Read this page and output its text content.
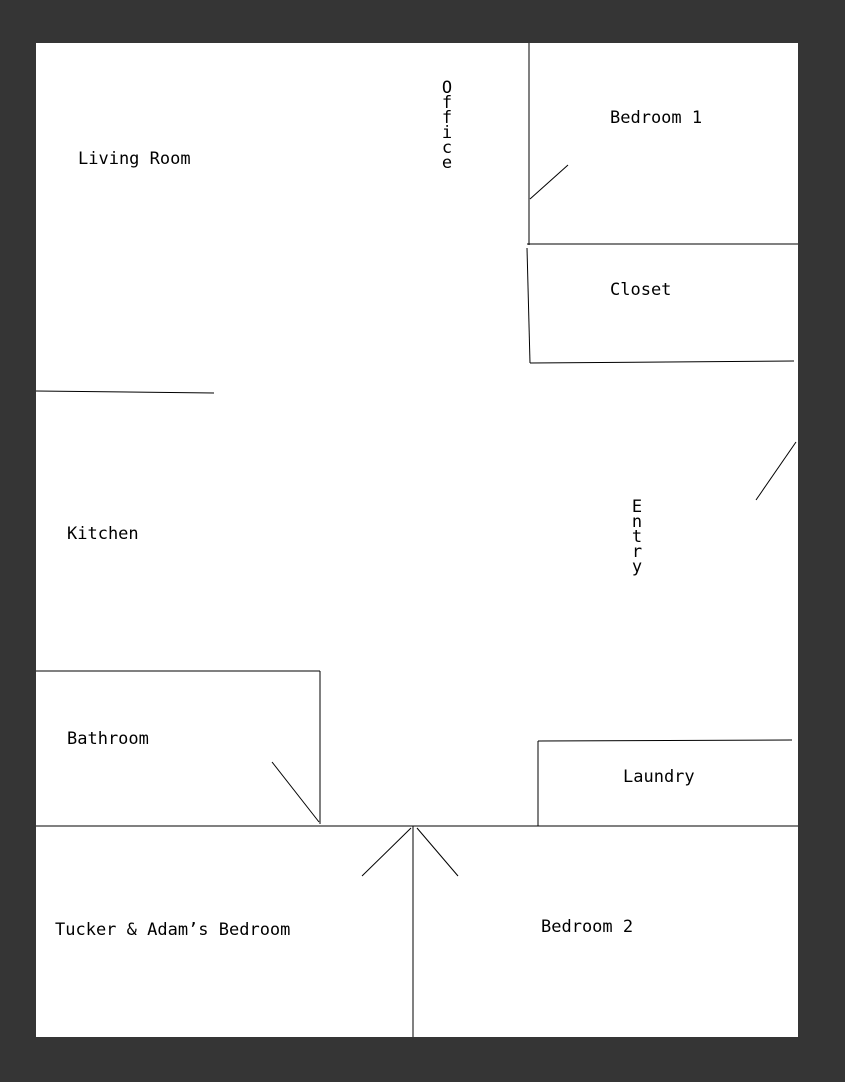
Living Room
Office
Bedroom 1
Closet
Kitchen
Entry
Bathroom
Laundry
Tucker & Adam’s Bedroom	Bedroom 2
